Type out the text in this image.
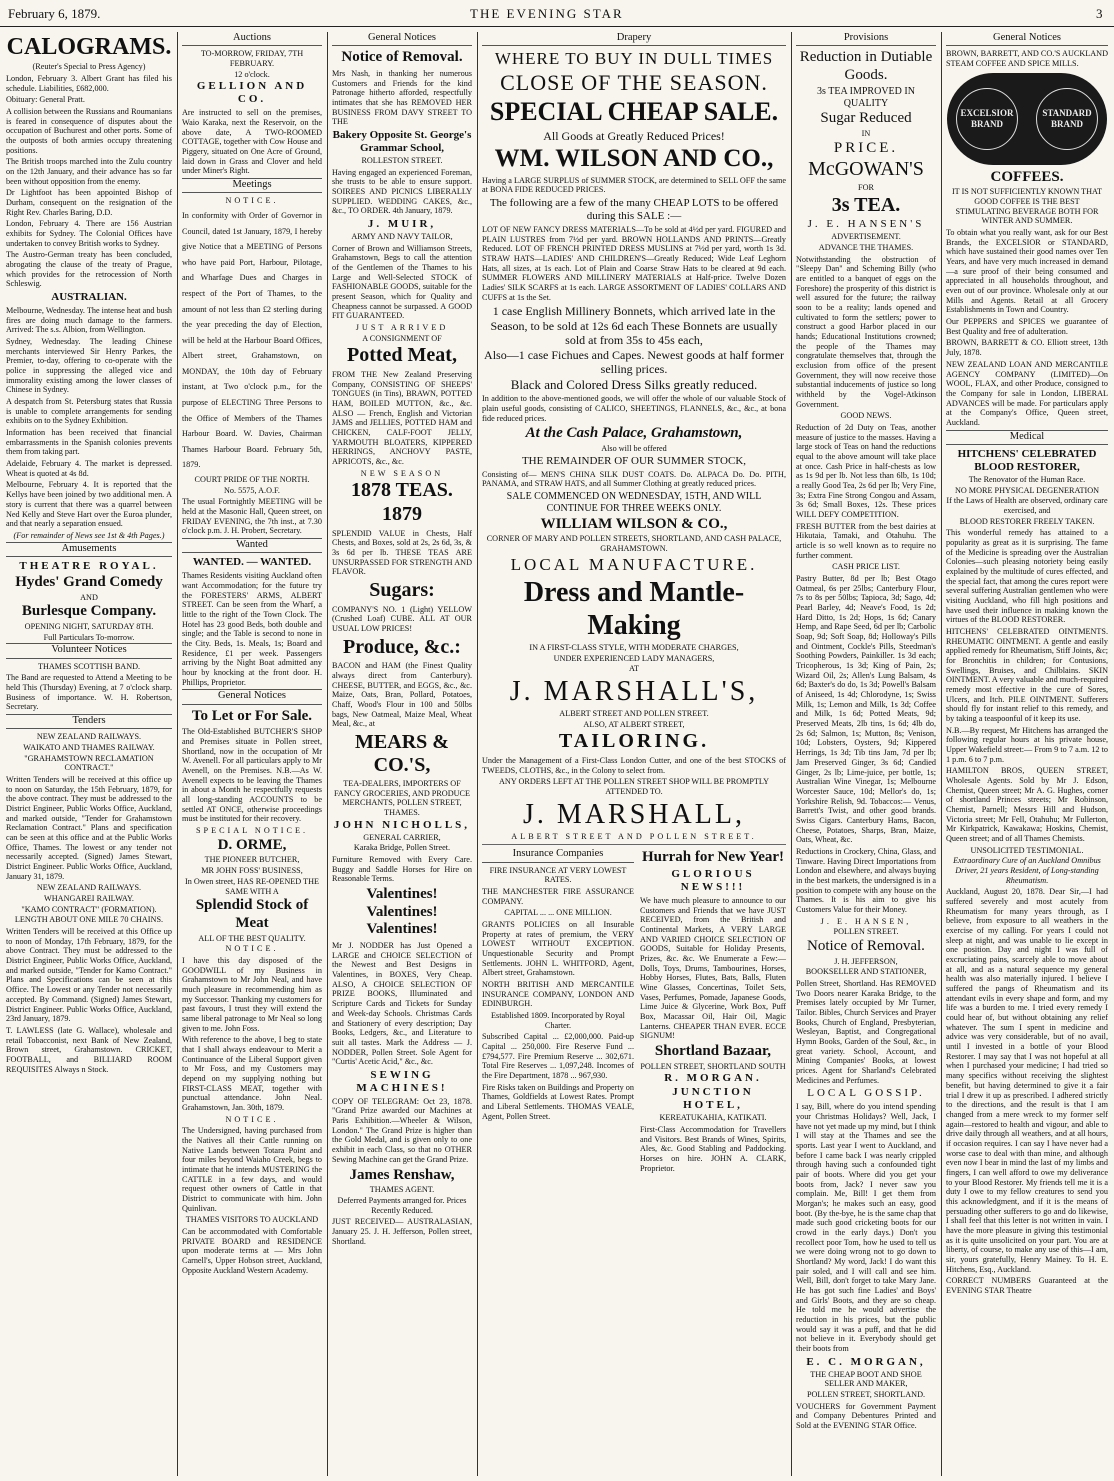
February 6, 1879.	THE EVENING STAR	3
CALOGRAMS.
(Reuter's Special to Press Agency)
London, February 3. Albert Grant has filed his schedule. Liabilities, £682,000.
Obituary: General Pratt.
A collision between the Russians and Roumanians is feared in consequence of disputes about the occupation of Buchurest and other ports. Some of the outposts of both armies occupy threatening positions.
The British troops marched into the Zulu country on the 12th January, and their advance has so far been without opposition from the enemy.
Dr Lightfoot has been appointed Bishop of Durham, consequent on the resignation of the Right Rev. Charles Baring, D.D.
London, February 4. There are 156 Austrian exhibits for Sydney. The Colonial Offices have undertaken to convey British works to Sydney.
The Austro-German treaty has been concluded, abrogating the clause of the treaty of Prague, which provides for the retrocession of North Schleswig.
AUSTRALIAN.
Melbourne, Wednesday. The intense heat and bush fires are doing much damage to the farmers. Arrived: The s.s. Albion, from Wellington.
Sydney, Wednesday. The leading Chinese merchants interviewed Sir Henry Parkes, the Premier, to-day, offering to co-operate with the police in suppressing the alleged vice and immorality existing among the lower classes of Chinese in Sydney.
A despatch from St. Petersburg states that Russia is unable to complete arrangements for sending exhibits on to the Sydney Exhibition.
Information has been received that financial embarrassments in the Spanish colonies prevents them from taking part.
Adelaide, February 4. The market is depressed. Wheat is quoted at 4s 8d.
Melbourne, February 4. It is reported that the Kellys have been joined by two additional men. A story is current that there was a quarrel between Ned Kelly and Steve Hart over the Euroa plunder, and that nearly a separation ensued.
(For remainder of News see 1st & 4th Pages.)
Amusements
THEATRE ROYAL.
Hydes' Grand Comedy
AND
Burlesque Company.
OPENING NIGHT, SATURDAY 8TH.
Full Particulars To-morrow.
Volunteer Notices
THAMES SCOTTISH BAND.
The Band are requested to Attend a Meeting to be held This (Thursday) Evening, at 7 o'clock sharp. Business of importance. W. H. Robertson, Secretary.
Tenders
NEW ZEALAND RAILWAYS.
WAIKATO AND THAMES RAILWAY.
"GRAHAMSTOWN RECLAMATION CONTRACT."
Written Tenders will be received at this office up to noon on Saturday, the 15th February, 1879, for the above contract. They must be addressed to the District Engineer, Public Works Office, Auckland, and marked outside, "Tender for Grahamstown Reclamation Contract." Plans and specification can be seen at this office and at the Public Works Office, Thames. The lowest or any tender not necessarily accepted. (Signed) James Stewart, District Engineer. Public Works Office, Auckland, January 31, 1879.
NEW ZEALAND RAILWAYS.
WHANGAREI RAILWAY.
"KAMO CONTRACT" (FORMATION).
LENGTH ABOUT ONE MILE 70 CHAINS.
Written Tenders will be received at this Office up to noon of Monday, 17th February, 1879, for the above Contract. They must be addressed to the District Engineer, Public Works Office, Auckland, and marked outside, "Tender for Kamo Contract." Plans and Specifications can be seen at this Office. The Lowest or any Tender not necessarily accepted. By Command. (Signed) James Stewart, District Engineer. Public Works Office, Auckland, 23rd January, 1879.
T. LAWLESS (late G. Wallace), wholesale and retail Tobacconist, next Bank of New Zealand, Brown street, Grahamstown. CRICKET, FOOTBALL, and BILLIARD ROOM REQUISITES Always n Stock.
Auctions
TO-MORROW, FRIDAY, 7TH FEBRUARY.
12 o'clock.
GELLION AND CO.
Are instructed to sell on the premises, Waio Karaka, next the Reservoir, on the above date, A TWO-ROOMED COTTAGE, together with Cow House and Piggery, situated on One Acre of Ground, laid down in Grass and Clover and held under Miner's Right.
Meetings
NOTICE.
In conformity with Order of Governor in Council, dated 1st January, 1879, I hereby give Notice that a MEETING of Persons who have paid Port, Harbour, Pilotage, and Wharfage Dues and Charges in respect of the Port of Thames, to the amount of not less than £2 sterling during the year preceding the day of Election, will be held at the Harbour Board Offices, Albert street, Grahamstown, on MONDAY, the 10th day of February instant, at Two o'clock p.m., for the purpose of ELECTING Three Persons to the Office of Members of the Thames Harbour Board. W. Davies, Chairman Thames Harbour Board. February 5th, 1879.
COURT PRIDE OF THE NORTH.
No. 5575, A.O.F.
The usual Fortnightly MEETING will be held at the Masonic Hall, Queen street, on FRIDAY EVENING, the 7th inst., at 7.30 o'clock p.m. J. H. Probert, Secretary.
Wanted
WANTED. — WANTED.
Thames Residents visiting Auckland often want Accommodation; for the future try the FORESTERS' ARMS, ALBERT STREET. Can be seen from the Wharf, a little to the right of the Town Clock. The Hotel has 23 good Beds, both double and single; and the Table is second to none in the City. Beds, 1s. Meals, 1s; Board and Residence, £1 per week. Passengers arriving by the Night Boat admitted any hour by knocking at the front door. H. Phillips, Proprietor.
General Notices
To Let or For Sale.
The Old-Established BUTCHER'S SHOP and Premises situate in Pollen street, Shortland, now in the occupation of Mr W. Avenell. For all particulars apply to Mr Avenell, on the Premises. N.B.—As W. Avenell expects to be leaving the Thames in about a Month he respectfully requests all long-standing ACCOUNTS to be settled AT ONCE, otherwise proceedings must be instituted for their recovery.
SPECIAL NOTICE.
D. ORME,
THE PIONEER BUTCHER,
MR JOHN FOSS' BUSINESS,
In Owen street, HAS RE-OPENED THE SAME WITH A
Splendid Stock of Meat
ALL OF THE BEST QUALITY.
NOTICE.
I have this day disposed of the GOODWILL of my Business in Grahamstown to Mr John Neal, and have much pleasure in recommending him as my Successor. Thanking my customers for past favours, I trust they will extend the same liberal patronage to Mr Neal so long given to me. John Foss.
With reference to the above, I beg to state that I shall always endeavour to Merit a Continuance of the Liberal Support given to Mr Foss, and my Customers may depend on my supplying nothing but FIRST-CLASS MEAT, together with punctual attendance. John Neal. Grahamstown, Jan. 30th, 1879.
NOTICE.
The Undersigned, having purchased from the Natives all their Cattle running on Native Lands between Totara Point and four miles beyond Waiaho Creek, begs to intimate that he intends MUSTERING the CATTLE in a few days, and would request other owners of Cattle in that District to communicate with him. John Quinlivan.
THAMES VISITORS TO AUCKLAND
Can be accommodated with Comfortable PRIVATE BOARD and RESIDENCE upon moderate terms at — Mrs John Carnell's, Upper Hobson street, Auckland, Opposite Auckland Western Academy.
General Notices
Notice of Removal.
Mrs Nash, in thanking her numerous Customers and Friends for the kind Patronage hitherto afforded, respectfully intimates that she has REMOVED HER BUSINESS FROM DAVY STREET TO THE
Bakery Opposite St. George's Grammar School,
ROLLESTON STREET.
Having engaged an experienced Foreman, she trusts to be able to ensure support. SOIREES AND PICNICS LIBERALLY SUPPLIED. WEDDING CAKES, &c., &c., TO ORDER. 4th January, 1879.
J. MUIR,
ARMY AND NAVY TAILOR,
Corner of Brown and Williamson Streets, Grahamstown, Begs to call the attention of the Gentlemen of the Thames to his Large and Well-Selected STOCK of FASHIONABLE GOODS, suitable for the present Season, which for Quality and Cheapness cannot be surpassed. A GOOD FIT GUARANTEED.
JUST ARRIVED
A CONSIGNMENT OF
Potted Meat,
FROM THE New Zealand Preserving Company, CONSISTING OF SHEEPS' TONGUES (in Tins), BRAWN, POTTED HAM, BOILED MUTTON, &c., &c. ALSO — French, English and Victorian JAMS and JELLIES, POTTED HAM and CHICKEN, CALF-FOOT JELLY, YARMOUTH BLOATERS, KIPPERED HERRINGS, ANCHOVY PASTE, APRICOTS, &c., &c.
NEW SEASON
1878 TEAS. 1879
SPLENDID VALUE in Chests, Half Chests, and Boxes, sold at 2s, 2s 6d, 3s, & 3s 6d per lb. THESE TEAS ARE UNSURPASSED FOR STRENGTH AND FLAVOR.
Sugars:
COMPANY'S NO. 1 (Light) YELLOW (Crushed Loaf) CUBE. ALL AT OUR USUAL LOW PRICES!
Produce, &c.:
BACON and HAM (the Finest Quality always direct from Canterbury). CHEESE, BUTTER, and EGGS, &c., &c. Maize, Oats, Bran, Pollard, Potatoes, Chaff, Wood's Flour in 100 and 50lbs bags, New Oatmeal, Maize Meal, Wheat Meal, &c., at
MEARS & CO.'S,
TEA-DEALERS, IMPORTERS OF FANCY GROCERIES, AND PRODUCE MERCHANTS, POLLEN STREET, THAMES.
JOHN NICHOLLS,
GENERAL CARRIER,
Karaka Bridge, Pollen Street.
Furniture Removed with Every Care. Buggy and Saddle Horses for Hire on Reasonable Terms.
Valentines! Valentines! Valentines!
Mr J. NODDER has Just Opened a LARGE and CHOICE SELECTION of the Newest and Best Designs in Valentines, in BOXES, Very Cheap. ALSO, A CHOICE SELECTION OF PRIZE BOOKS, Illuminated and Scripture Cards and Tickets for Sunday and Week-day Schools. Christmas Cards and Stationery of every description; Day Books, Ledgers, &c., and Literature to suit all tastes. Mark the Address — J. NODDER, Pollen Street. Sole Agent for "Curtis' Acetic Acid," &c., &c.
SEWING MACHINES!
COPY OF TELEGRAM: Oct 23, 1878. "Grand Prize awarded our Machines at Paris Exhibition.—Wheeler & Wilson, London." The Grand Prize is higher than the Gold Medal, and is given only to one exhibit in each Class, so that no OTHER Sewing Machine can get the Grand Prize.
James Renshaw,
THAMES AGENT.
Deferred Payments arranged for. Prices Recently Reduced.
JUST RECEIVED— AUSTRALASIAN, January 25. J. H. Jefferson, Pollen street, Shortland.
Drapery
WHERE TO BUY IN DULL TIMES
CLOSE OF THE SEASON.
SPECIAL CHEAP SALE.
All Goods at Greatly Reduced Prices!
WM. WILSON AND CO.,
Having a LARGE SURPLUS of SUMMER STOCK, are determined to SELL OFF the same at BONA FIDE REDUCED PRICES.
The following are a few of the many CHEAP LOTS to be offered during this SALE :—
LOT OF NEW FANCY DRESS MATERIALS—To be sold at 4½d per yard. FIGURED and PLAIN LUSTRES from 7½d per yard. BROWN HOLLANDS AND PRINTS—Greatly Reduced. LOT OF FRENCH PRINTED DRESS MUSLINS at 7½d per yard, worth 1s 3d. STRAW HATS—LADIES' AND CHILDREN'S—Greatly Reduced; Wide Leaf Leghorn Hats, all sizes, at 1s each. Lot of Plain and Coarse Straw Hats to be cleared at 9d each. SUMMER FLOWERS AND MILLINERY MATERIALS at Half-price. Twelve Dozen Ladies' SILK SCARFS at 1s each. LARGE ASSORTMENT OF LADIES' COLLARS AND CUFFS at 1s the Set.
1 case English Millinery Bonnets, which arrived late in the Season, to be sold at 12s 6d each These Bonnets are usually sold at from 35s to 45s each,
Also—1 case Fichues and Capes. Newest goods at half former selling prices.
Black and Colored Dress Silks greatly reduced.
In addition to the above-mentioned goods, we will offer the whole of our valuable Stock of plain useful goods, consisting of CALICO, SHEETINGS, FLANNELS, &c., &c., at bona fide reduced prices.
At the Cash Palace, Grahamstown,
Also will be offered
THE REMAINDER OF OUR SUMMER STOCK,
Consisting of— MEN'S CHINA SILK DUST COATS. Do. ALPACA Do. Do. PITH, PANAMA, and STRAW HATS, and all Summer Clothing at greatly reduced prices.
SALE COMMENCED ON WEDNESDAY, 15TH, AND WILL CONTINUE FOR THREE WEEKS ONLY.
WILLIAM WILSON & CO.,
CORNER OF MARY AND POLLEN STREETS, SHORTLAND, AND CASH PALACE, GRAHAMSTOWN.
LOCAL MANUFACTURE.
Dress and Mantle-Making
IN A FIRST-CLASS STYLE, WITH MODERATE CHARGES,
UNDER EXPERIENCED LADY MANAGERS,
AT
J. MARSHALL'S,
ALBERT STREET AND POLLEN STREET.
ALSO, AT ALBERT STREET,
TAILORING.
Under the Management of a First-Class London Cutter, and one of the best STOCKS of TWEEDS, CLOTHS, &c., in the Colony to select from.
ANY ORDERS LEFT AT THE POLLEN STREET SHOP WILL BE PROMPTLY ATTENDED TO.
J. MARSHALL,
ALBERT STREET AND POLLEN STREET.
Insurance Companies
FIRE INSURANCE AT VERY LOWEST RATES.
THE MANCHESTER FIRE ASSURANCE COMPANY.
CAPITAL ... ... ONE MILLION.
GRANTS POLICIES on all Insurable Property at rates of premium, the VERY LOWEST WITHOUT EXCEPTION. Unquestionable Security and Prompt Settlements. JOHN L. WHITFORD, Agent, Albert street, Grahamstown.
NORTH BRITISH AND MERCANTILE INSURANCE COMPANY, LONDON AND EDINBURGH.
Established 1809. Incorporated by Royal Charter.
Subscribed Capital ... £2,000,000. Paid-up Capital ... 250,000. Fire Reserve Fund ... £794,577. Fire Premium Reserve ... 302,671. Total Fire Reserves ... 1,097,248. Incomes of the Fire Department, 1878 ... 967,930.
Fire Risks taken on Buildings and Property on Thames, Goldfields at Lowest Rates. Prompt and Liberal Settlements. THOMAS VEALE, Agent, Pollen Street.
Hurrah for New Year!
GLORIOUS NEWS!!!
We have much pleasure to announce to our Customers and Friends that we have JUST RECEIVED, from the British and Continental Markets, A VERY LARGE AND VARIED CHOICE SELECTION OF GOODS, Suitable for Holiday Presents, Prizes, &c. &c. We Enumerate a Few:— Dolls, Toys, Drums, Tambourines, Horses, Hobby Horses, Flutes, Bats, Balls, Fluten Wine Glasses, Concertinas, Toilet Sets, Vases, Perfumes, Pomade, Japanese Goods, Lime Juice & Glycerine, Work Box, Puff Box, Macassar Oil, Hair Oil, Magic Lanterns. CHEAPER THAN EVER. ECCE SIGNUM!
Shortland Bazaar,
POLLEN STREET, SHORTLAND SOUTH
R. MORGAN.
JUNCTION HOTEL,
KEREATUKAHIA, KATIKATI.
First-Class Accommodation for Travellers and Visitors. Best Brands of Wines, Spirits, Ales, &c. Good Stabling and Paddocking. Horses on hire. JOHN A. CLARK, Proprietor.
Provisions
Reduction in Dutiable Goods.
3s TEA IMPROVED IN QUALITY
Sugar Reduced
IN
PRICE.
McGOWAN'S
FOR
3s TEA.
J. E. HANSEN'S
ADVERTISEMENT.
ADVANCE THE THAMES.
Notwithstanding the obstruction of "Sleepy Dan" and Scheming Billy (who are entitled to a banquet of eggs on the Foreshore) the prosperity of this district is well assured for the future; the railway soon to be a reality; lands opened and cultivated to form the settlers; power to construct a good Harbor placed in our hands; Educational Institutions crowned; the people of the Thames may congratulate themselves that, through the exclusion from office of the present Government, they will now receive those substantial inducements of justice so long withheld by the Vogel-Atkinson Government.
GOOD NEWS.
Reduction of 2d Duty on Teas, another measure of justice to the masses. Having a large stock of Teas on hand the reductions equal to the above amount will take place at once. Cash Price in half-chests as low as 1s 9d per lb. Not less than 6lb, 1s 10d; a really Good Tea, 2s 6d per lb; Very Fine, 3s; Extra Fine Strong Congou and Assam, 3s 6d; Small Boxes, 12s. These prices WILL DEFY COMPETITION.
FRESH BUTTER from the best dairies at Hikutaia, Tamaki, and Otahuhu. The article is so well known as to require no further comment.
CASH PRICE LIST.
Pastry Butter, 8d per lb; Best Otago Oatmeal, 6s per 25lbs; Canterbury Flour, 7s to 8s per 50lbs; Tapioca, 3d; Sago, 4d; Pearl Barley, 4d; Neave's Food, 1s 2d; Hard Ditto, 1s 2d; Hops, 1s 6d; Canary Hemp, and Rape Seed, 6d per lb; Carbolic Soap, 9d; Soft Soap, 8d; Holloway's Pills and Ointment, Cockle's Pills, Steedman's Soothing Powders, Painkiller. 1s 3d each; Tricopherous, 1s 3d; King of Pain, 2s; Wizard Oil, 2s; Allen's Lung Balsam, 4s 6d; Baxter's do do, 1s 3d; Powell's Balsam of Aniseed, 1s 4d; Chlorodyne, 1s; Swiss Milk, 1s; Lemon and Milk, 1s 3d; Coffee and Milk, 1s 6d; Potted Meats, 9d; Preserved Meats, 2lb tins, 1s 6d; 4lb do, 2s 6d; Salmon, 1s; Mutton, 8s; Venison, 10d; Lobsters, Oysters, 9d; Kippered Herrings, 1s 3d; Tib tins Jam, 7d per lb; Jam Preserved Ginger, 3s 6d; Candied Ginger, 2s lb; Lime-juice, per bottle, 1s; Australian Wine Vinegar, 1s; Melbourne Worcester Sauce, 10d; Mellor's do, 1s; Yorkshire Relish, 9d. Tobaccos:— Venus, Barrett's Twist, and other good brands. Swiss Cigars. Canterbury Hams, Bacon, Cheese, Potatoes, Sharps, Bran, Maize, Oats, Wheat, &c.
Reductions in Crockery, China, Glass, and Tinware. Having Direct Importations from London and elsewhere, and always buying in the best markets, the undersigned is in a position to compete with any house on the Thames. It is his aim to give his Customers Value for their Money.
J. E. HANSEN,
POLLEN STREET.
Notice of Removal.
J. H. JEFFERSON,
BOOKSELLER AND STATIONER,
Pollen Street, Shortland. Has REMOVED Two Doors nearer Karaka Bridge, to the Premises lately occupied by Mr Turner, Tailor. Bibles, Church Services and Prayer Books, Church of England, Presbyterian, Wesleyan, Baptist, and Congregational Hymn Books, Garden of the Soul, &c., in great variety. School, Account, and Mining Companies' Books, at lowest prices. Agent for Sharland's Celebrated Medicines and Perfumes.
LOCAL GOSSIP.
I say, Bill, where do you intend spending your Christmas Holidays? Well, Jack, I have not yet made up my mind, but I think I will stay at the Thames and see the sports. Last year I went to Auckland, and before I came back I was nearly crippled through having such a confounded tight pair of boots. Where did you get your boots from, Jack? I never saw you complain. Me, Bill! I get them from Morgan's; he makes such an easy, good boot. (By the-bye, he is the same chap that made such good cricketing boots for our crowd in the early days.) Don't you recollect poor Tom, how he used to tell us we were doing wrong not to go down to Shortland? My word, Jack! I do want this pair soled, and I will call and see him. Well, Bill, don't forget to take Mary Jane. He has got such fine Ladies' and Boys' and Girls' Boots, and they are so cheap. He told me he would advertise the reduction in his prices, but the public would say it was a puff, and that he did not believe in it. Everybody should get their boots from
E. C. MORGAN,
THE CHEAP BOOT AND SHOE SELLER AND MAKER,
POLLEN STREET, SHORTLAND.
VOUCHERS for Government Payment and Company Debentures Printed and Sold at the EVENING STAR Office.
General Notices
BROWN, BARRETT, AND CO.'S AUCKLAND STEAM COFFEE AND SPICE MILLS.
EXCELSIOR BRAND
STANDARD BRAND
COFFEES.
IT IS NOT SUFFICIENTLY KNOWN THAT GOOD COFFEE IS THE BEST STIMULATING BEVERAGE BOTH FOR WINTER AND SUMMER.
To obtain what you really want, ask for our Best Brands, the EXCELSIOR or STANDARD, which have sustained their good names over Ten Years, and have very much increased in demand—a sure proof of their being consumed and appreciated in all households throughout, and even out of our province. Wholesale only at our Mills and Agents. Retail at all Grocery Establishments in Town and Country.
Our PEPPERS and SPICES we guarantee of Best Quality and free of adulteration.
BROWN, BARRETT & CO. Elliott street, 13th July, 1878.
NEW ZEALAND LOAN AND MERCANTILE AGENCY COMPANY (LIMITED)—On WOOL, FLAX, and other Produce, consigned to the Company for sale in London, LIBERAL ADVANCES will be made. For particulars apply at the Company's Office, Queen street, Auckland.
Medical
HITCHENS' CELEBRATED BLOOD RESTORER,
The Renovator of the Human Race.
NO MORE PHYSICAL DEGENERATION
If the Laws of Health are observed, ordinary care exercised, and
BLOOD RESTORER FREELY TAKEN.
This wonderful remedy has attained to a popularity as great as it is surprising. The fame of the Medicine is spreading over the Australian Colonies—such pleasing notoriety being easily explained by the multitude of cures effected, and the special fact, that among the cures report were several suffering Australian gentlemen who were visiting Auckland, who fill high positions and have used their influence in making known the virtues of the BLOOD RESTORER.
HITCHENS' CELEBRATED OINTMENTS. RHEUMATIC OINTMENT. A gentle and easily applied remedy for Rheumatism, Stiff Joints, &c; for Bronchitis in children; for Contusions, Swellings, Bruises, and Chilblains. SKIN OINTMENT. A very valuable and much-required remedy most effective in the cure of Sores, Ulcers, and Itch. PILE OINTMENT. Sufferers should fly for instant relief to this remedy, and by taking a teaspoonful of it keep its use.
N.B.—By request, Mr Hitchens has arranged the following regular hours at his private house, Upper Wakefield street:— From 9 to 7 a.m. 12 to 1 p.m. 6 to 7 p.m.
HAMILTON BROS, QUEEN STREET, Wholesale Agents. Sold by Mr J. Edson, Chemist, Queen street; Mr A. G. Hughes, corner of shortland Princes streets; Mr Robinson, Chemist, Parnell; Messrs Hill and Hudson, Victoria street; Mr Fell, Otahuhu; Mr Fullerton, Mr Kirkpatrick, Kawakawa; Hoskins, Chemist, Queen street; and of all Thames Chemists.
UNSOLICITED TESTIMONIAL.
Extraordinary Cure of an Auckland Omnibus Driver, 21 years Resident, of Long-standing Rheumatism.
Auckland, August 20, 1878. Dear Sir,—I had suffered severely and most acutely from Rheumatism for many years through, as I believe, from exposure to all weathers in the exercise of my calling. For years I could not sleep at night, and was unable to lie except in one position. Day and night I was full of excruciating pains, scarcely able to move about at all, and as a natural sequence my general health was also materially injured. I believe I suffered the pangs of Rheumatism and its attendant evils in every shape and form, and my life was a burden to me. I tried every remedy I could hear of, but without obtaining any relief whatever. The sum I spent in medicine and advice was very considerable, but of no avail, until I invested in a bottle of your Blood Restorer. I may say that I was not hopeful at all when I purchased your medicine; I had tried so many specifics without receiving the slightest benefit, but having determined to give it a fair trial I drew it up as prescribed. I adhered strictly to the directions, and the result is that I am changed from a mere wreck to my former self again—restored to health and vigour, and able to drive daily through all weathers, and at all hours, if occasion requires. I can say I have never had a worse case to deal with than mine, and although even now I bear in mind the last of my limbs and fingers, I can well afford to owe my deliverance to your Blood Restorer. My friends tell me it is a duty I owe to my fellow creatures to send you this acknowledgment, and if it is the means of persuading other sufferers to go and do likewise, I shall feel that this letter is not written in vain. I have the more pleasure in giving this testimonial as it is quite unsolicited on your part. You are at liberty, of course, to make any use of this—I am, sir, yours gratefully, Henry Mainey. To H. E. Hitchens, Esq., Auckland.
CORRECT NUMBERS Guaranteed at the EVENING STAR Theatre
